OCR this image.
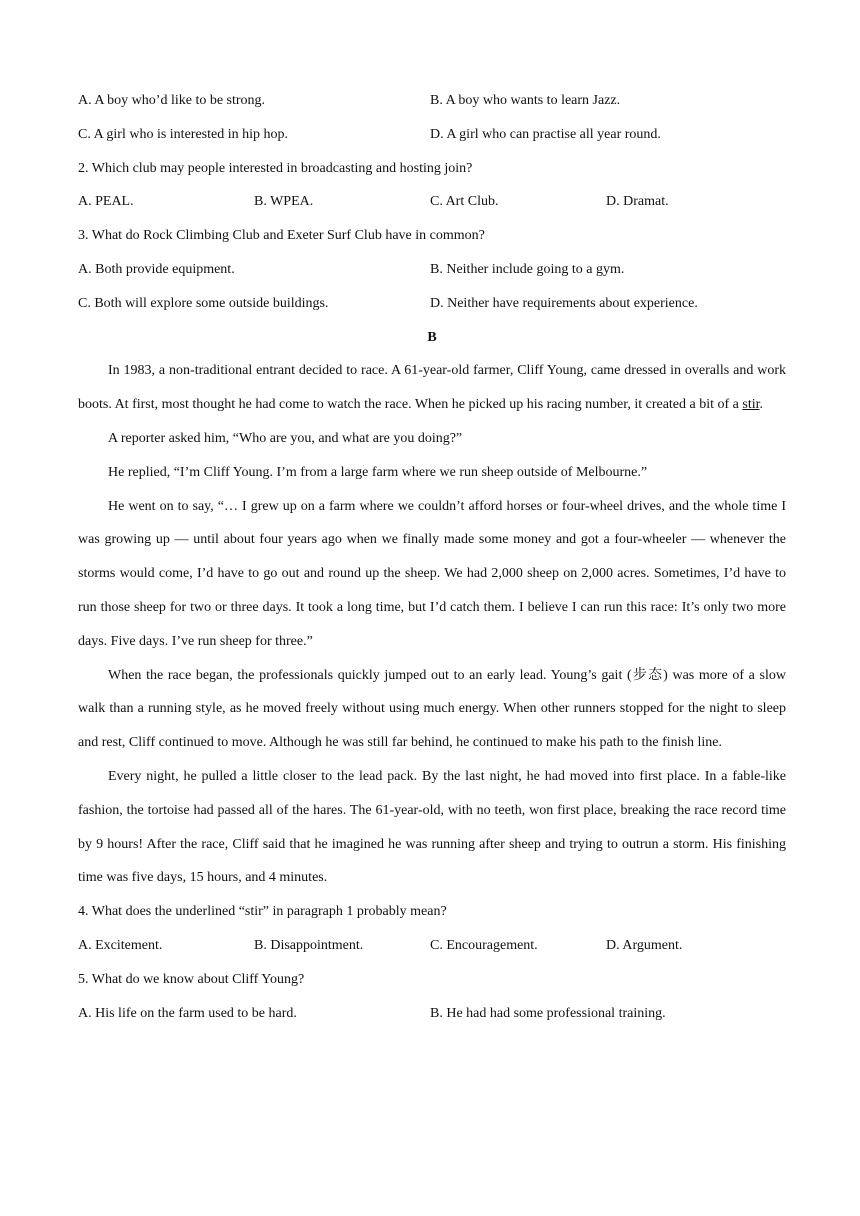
A. A boy who’d like to be strong.	B. A boy who wants to learn Jazz.
C. A girl who is interested in hip hop.	D. A girl who can practise all year round.
2. Which club may people interested in broadcasting and hosting join?
A. PEAL.	B. WPEA.	C. Art Club.	D. Dramat.
3. What do Rock Climbing Club and Exeter Surf Club have in common?
A. Both provide equipment.	B. Neither include going to a gym.
C. Both will explore some outside buildings.	D. Neither have requirements about experience.
B

In 1983, a non-traditional entrant decided to race. A 61-year-old farmer, Cliff Young, came dressed in overalls and work boots. At first, most thought he had come to watch the race. When he picked up his racing number, it created a bit of a stir.

A reporter asked him, “Who are you, and what are you doing?”

He replied, “I’m Cliff Young. I’m from a large farm where we run sheep outside of Melbourne.”

He went on to say, “… I grew up on a farm where we couldn’t afford horses or four-wheel drives, and the whole time I was growing up — until about four years ago when we finally made some money and got a four-wheeler — whenever the storms would come, I’d have to go out and round up the sheep. We had 2,000 sheep on 2,000 acres. Sometimes, I’d have to run those sheep for two or three days. It took a long time, but I’d catch them. I believe I can run this race: It’s only two more days. Five days. I’ve run sheep for three.”

When the race began, the professionals quickly jumped out to an early lead. Young’s gait (步态) was more of a slow walk than a running style, as he moved freely without using much energy. When other runners stopped for the night to sleep and rest, Cliff continued to move. Although he was still far behind, he continued to make his path to the finish line.

Every night, he pulled a little closer to the lead pack. By the last night, he had moved into first place. In a fable-like fashion, the tortoise had passed all of the hares. The 61-year-old, with no teeth, won first place, breaking the race record time by 9 hours! After the race, Cliff said that he imagined he was running after sheep and trying to outrun a storm. His finishing time was five days, 15 hours, and 4 minutes.

4. What does the underlined “stir” in paragraph 1 probably mean?
A. Excitement.	B. Disappointment.	C. Encouragement.	D. Argument.
5. What do we know about Cliff Young?
A. His life on the farm used to be hard.	B. He had had some professional training.
